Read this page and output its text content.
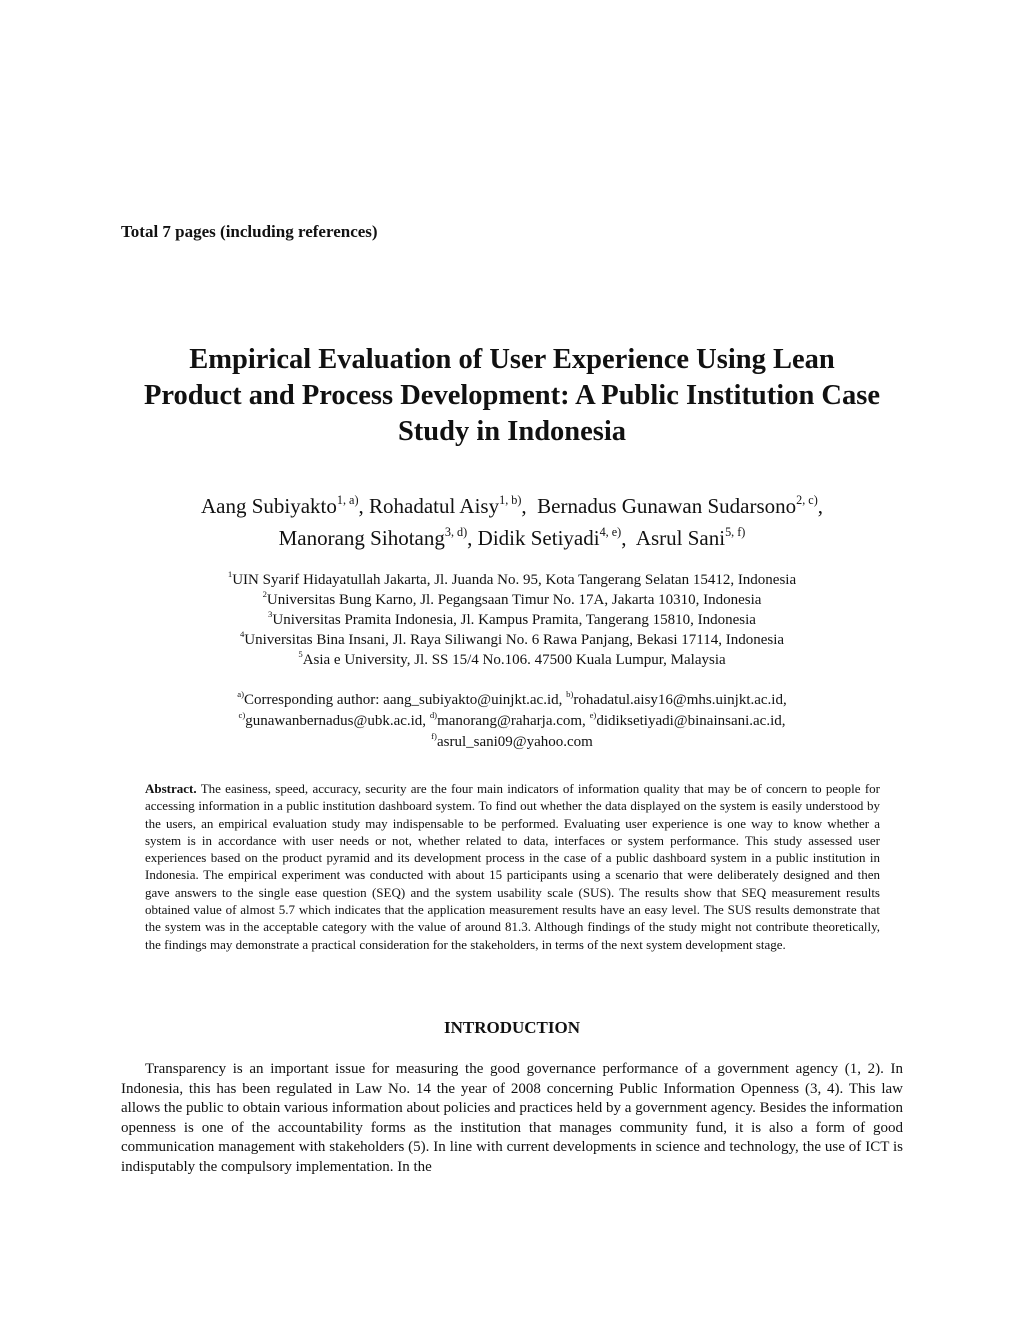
Total 7 pages (including references)
Empirical Evaluation of User Experience Using Lean
Product and Process Development: A Public Institution Case
Study in Indonesia
Aang Subiyakto$^{1, a)}$, Rohadatul Aisy$^{1, b)}$,  Bernadus Gunawan Sudarsono$^{2, c)}$,
Manorang Sihotang$^{3, d)}$, Didik Setiyadi$^{4, e)}$,  Asrul Sani$^{5, f)}$
$^1$UIN Syarif Hidayatullah Jakarta, Jl. Juanda No. 95, Kota Tangerang Selatan 15412, Indonesia
$^2$Universitas Bung Karno, Jl. Pegangsaan Timur No. 17A, Jakarta 10310, Indonesia
$^3$Universitas Pramita Indonesia, Jl. Kampus Pramita, Tangerang 15810, Indonesia
$^4$Universitas Bina Insani, Jl. Raya Siliwangi No. 6 Rawa Panjang, Bekasi 17114, Indonesia
$^5$Asia e University, Jl. SS 15/4 No.106. 47500 Kuala Lumpur, Malaysia
$^{a)}$Corresponding author: aang_subiyakto@uinjkt.ac.id, $^{b)}$rohadatul.aisy16@mhs.uinjkt.ac.id,
$^{c)}$gunawanbernadus@ubk.ac.id, $^{d)}$manorang@raharja.com, $^{e)}$didiksetiyadi@binainsani.ac.id,
$^{f)}$asrul_sani09@yahoo.com

Abstract. The easiness, speed, accuracy, security are the four main indicators of information quality that may be of concern to people for accessing information in a public institution dashboard system. To find out whether the data displayed on the system is easily understood by the users, an empirical evaluation study may indispensable to be performed. Evaluating user experience is one way to know whether a system is in accordance with user needs or not, whether related to data, interfaces or system performance. This study assessed user experiences based on the product pyramid and its development process in the case of a public dashboard system in a public institution in Indonesia. The empirical experiment was conducted with about 15 participants using a scenario that were deliberately designed and then gave answers to the single ease question (SEQ) and the system usability scale (SUS). The results show that SEQ measurement results obtained value of almost 5.7 which indicates that the application measurement results have an easy level. The SUS results demonstrate that the system was in the acceptable category with the value of around 81.3. Although findings of the study might not contribute theoretically, the findings may demonstrate a practical consideration for the stakeholders, in terms of the next system development stage.

INTRODUCTION

Transparency is an important issue for measuring the good governance performance of a government agency (1, 2). In Indonesia, this has been regulated in Law No. 14 the year of 2008 concerning Public Information Openness (3, 4). This law allows the public to obtain various information about policies and practices held by a government agency. Besides the information openness is one of the accountability forms as the institution that manages community fund, it is also a form of good communication management with stakeholders (5). In line with current developments in science and technology, the use of ICT is indisputably the compulsory implementation. In the
